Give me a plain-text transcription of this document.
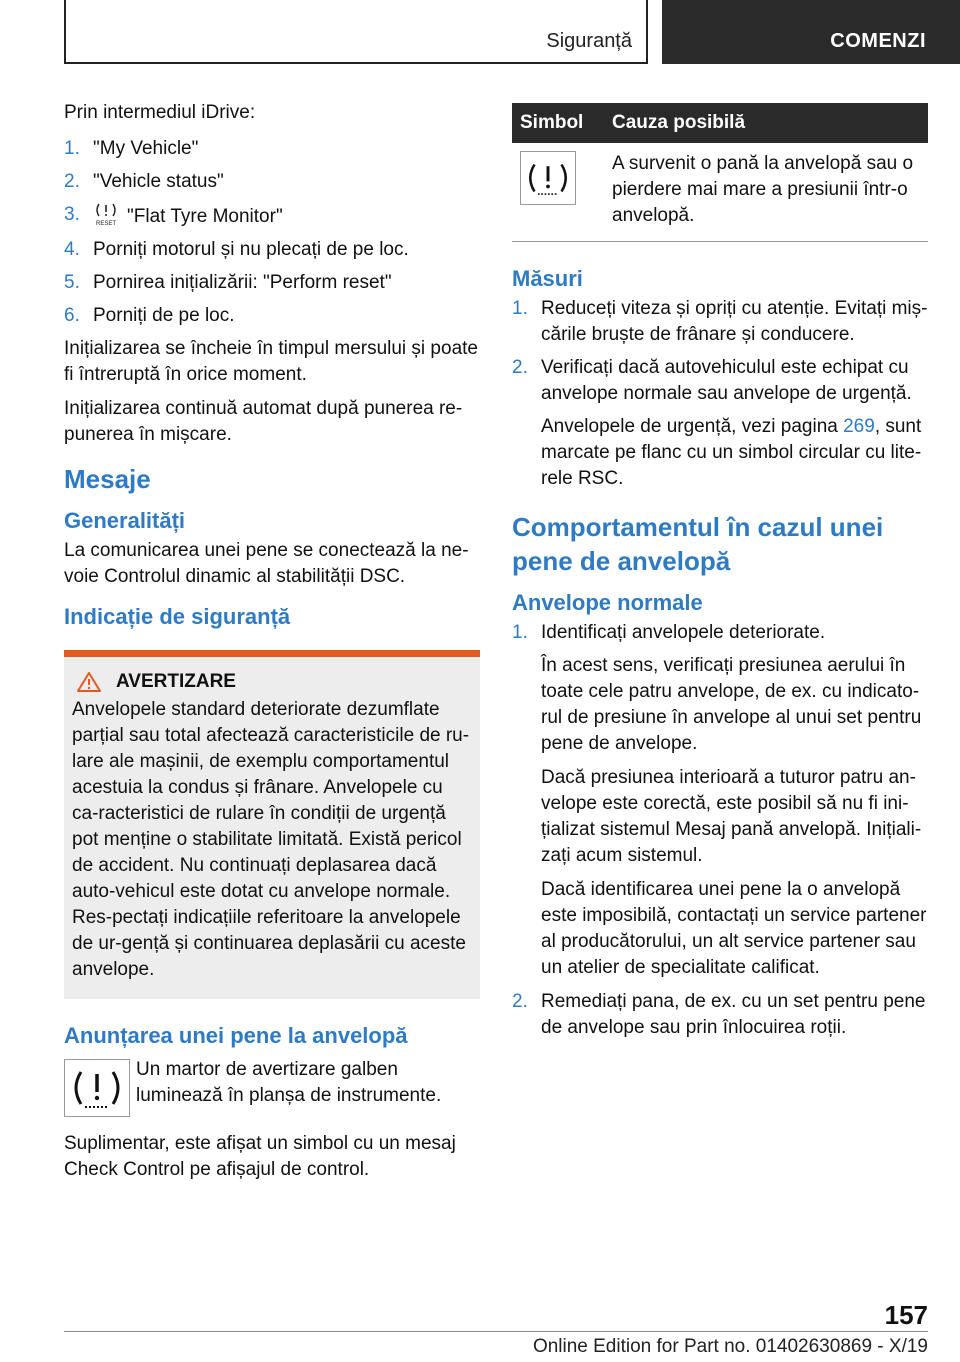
Siguranță	COMENZI

Prin intermediul iDrive:

1. "My Vehicle"
2. "Vehicle status"
3.	RESET "Flat Tyre Monitor"
4. Porniți motorul și nu plecați de pe loc.
5. Pornirea inițializării: "Perform reset"
6. Porniți de pe loc.

Inițializarea se încheie în timpul mersului și poate fi întreruptă în orice moment.

Inițializarea continuă automat după punerea re-punerea în mișcare.

Mesaje
Generalități

La comunicarea unei pene se conectează la ne-voie Controlul dinamic al stabilității DSC.

Indicație de siguranță
AVERTIZARE
Anvelopele standard deteriorate dezumflate parțial sau total afectează caracteristicile de ru-lare ale mașinii, de exemplu comportamentul acestuia la condus și frânare. Anvelopele cu ca-racteristici de rulare în condiții de urgență pot menține o stabilitate limitată. Există pericol de accident. Nu continuați deplasarea dacă auto-vehicul este dotat cu anvelope normale. Res-pectați indicațiile referitoare la anvelopele de ur-gență și continuarea deplasării cu aceste anvelope.
Anunțarea unei pene la anvelopă

Un martor de avertizare galben luminează în planșa de instrumente.

Suplimentar, este afișat un simbol cu un mesaj Check Control pe afișajul de control.

Simbol	Cauza posibilă

	A survenit o pană la anvelopă sau o pierdere mai mare a presiunii într-o anvelopă.
Măsuri
1. Reduceți viteza și opriți cu atenție. Evitați miș-cările bruște de frânare și conducere.
2. Verificați dacă autovehiculul este echipat cu anvelope normale sau anvelope de urgență.
Anvelopele de urgență, vezi pagina 269, sunt marcate pe flanc cu un simbol circular cu lite-rele RSC.
Comportamentul în cazul unei pene de anvelopă
Anvelope normale
1. Identificați anvelopele deteriorate.
În acest sens, verificați presiunea aerului în toate cele patru anvelope, de ex. cu indicato-rul de presiune în anvelope al unui set pentru pene de anvelope.
Dacă presiunea interioară a tuturor patru an-velope este corectă, este posibil să nu fi ini-țializat sistemul Mesaj pană anvelopă. Inițiali-zați acum sistemul.
Dacă identificarea unei pene la o anvelopă este imposibilă, contactați un service partener al producătorului, un alt service partener sau un atelier de specialitate calificat.
2. Remediați pana, de ex. cu un set pentru pene de anvelope sau prin înlocuirea roții.
157
Online Edition for Part no. 01402630869 - X/19
